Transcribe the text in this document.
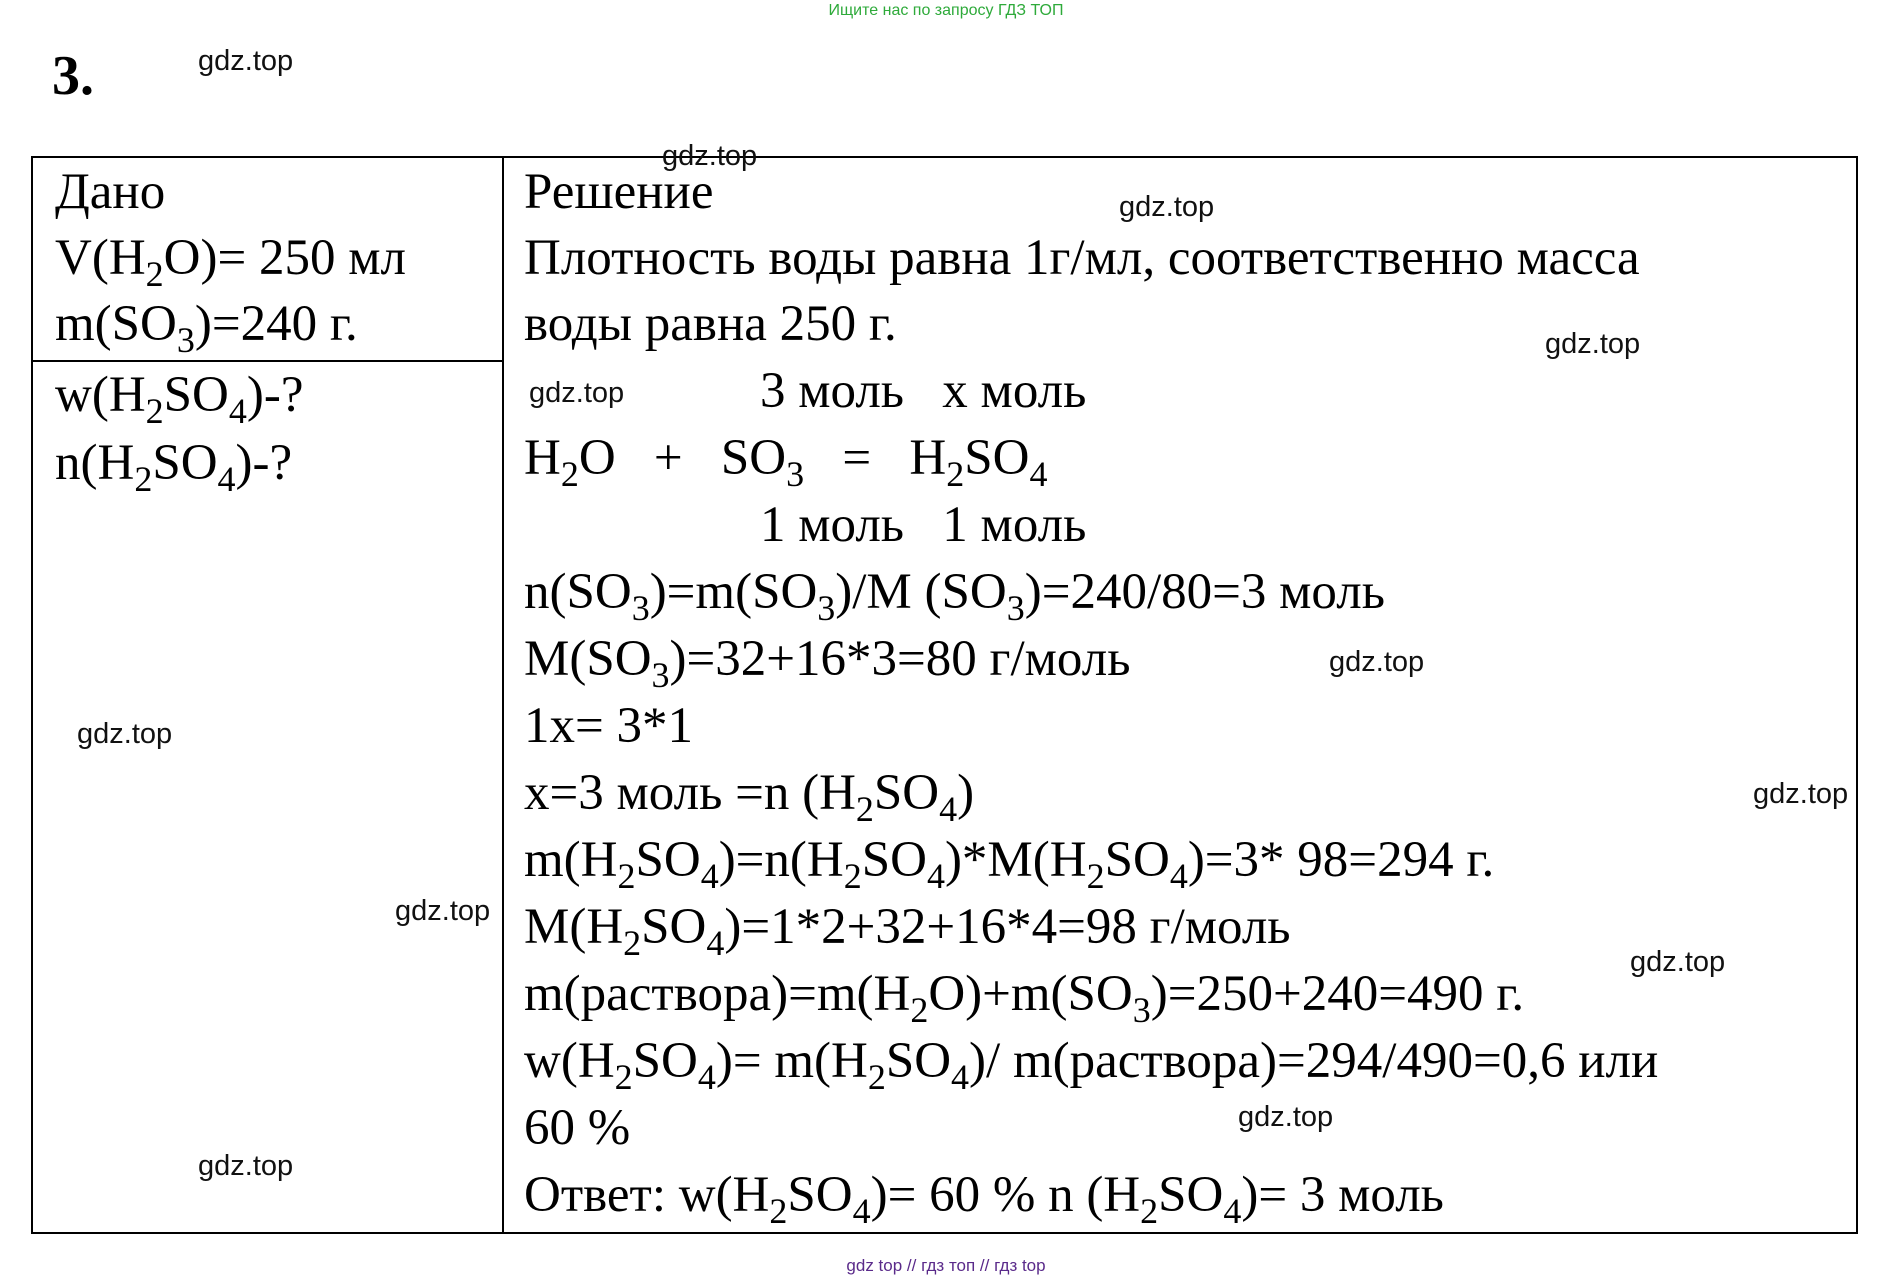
Ищите нас по запросу ГДЗ ТОП
3.
Дано
$V(H_2O)= 250$ мл
$m(SO_3)=240$ г.
$w(H_2SO_4)-$?
$n(H_2SO_4)-$?
Решение
Плотность воды равна 1г/мл, соответственно масса
воды равна 250 г.
3 моль   x моль
$H_2O + SO_3 = H_2SO_4$
1 моль   1 моль
$n(SO_3)=m(SO_3)/M$ $(SO_3)=240/80=3$ моль
$M(SO_3)=32+16*3=80$ г/моль
1x= 3*1
x=3 моль =n $(H_2SO_4)$
$m(H_2SO_4)=n(H_2SO_4)*M(H_2SO_4)=3*$ 98=294 г.
$M(H_2SO_4)=1*2+32+16*4=98$ г/моль
$m(раствора)=m(H_2O)+m(SO_3)=250+240=490$ г.
$w(H_2SO_4)= m(H_2SO_4)/$ m(раствора)=294/490=0,6 или
60 %
Ответ: $w(H_2SO_4)= 60$ % n $(H_2SO_4)= 3$ моль
gdz.top
gdz.top
gdz.top
gdz.top
gdz.top
gdz.top
gdz.top
gdz.top
gdz.top
gdz.top
gdz.top
gdz.top
gdz top // гдз топ // гдз top
